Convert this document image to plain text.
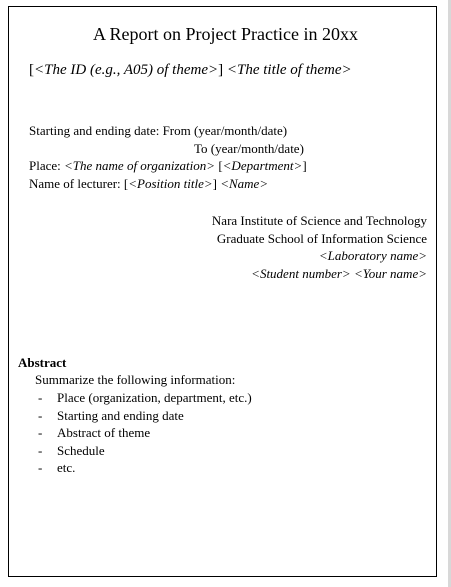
A Report on Project Practice in 20xx
[<The ID (e.g., A05) of theme>] <The title of theme>
Starting and ending date: From (year/month/date)
To (year/month/date)
Place: <The name of organization> [<Department>]
Name of lecturer: [<Position title>] <Name>
Nara Institute of Science and Technology
Graduate School of Information Science
<Laboratory name>
<Student number> <Your name>
Abstract
Summarize the following information:
- Place (organization, department, etc.)
- Starting and ending date
- Abstract of theme
- Schedule
- etc.
